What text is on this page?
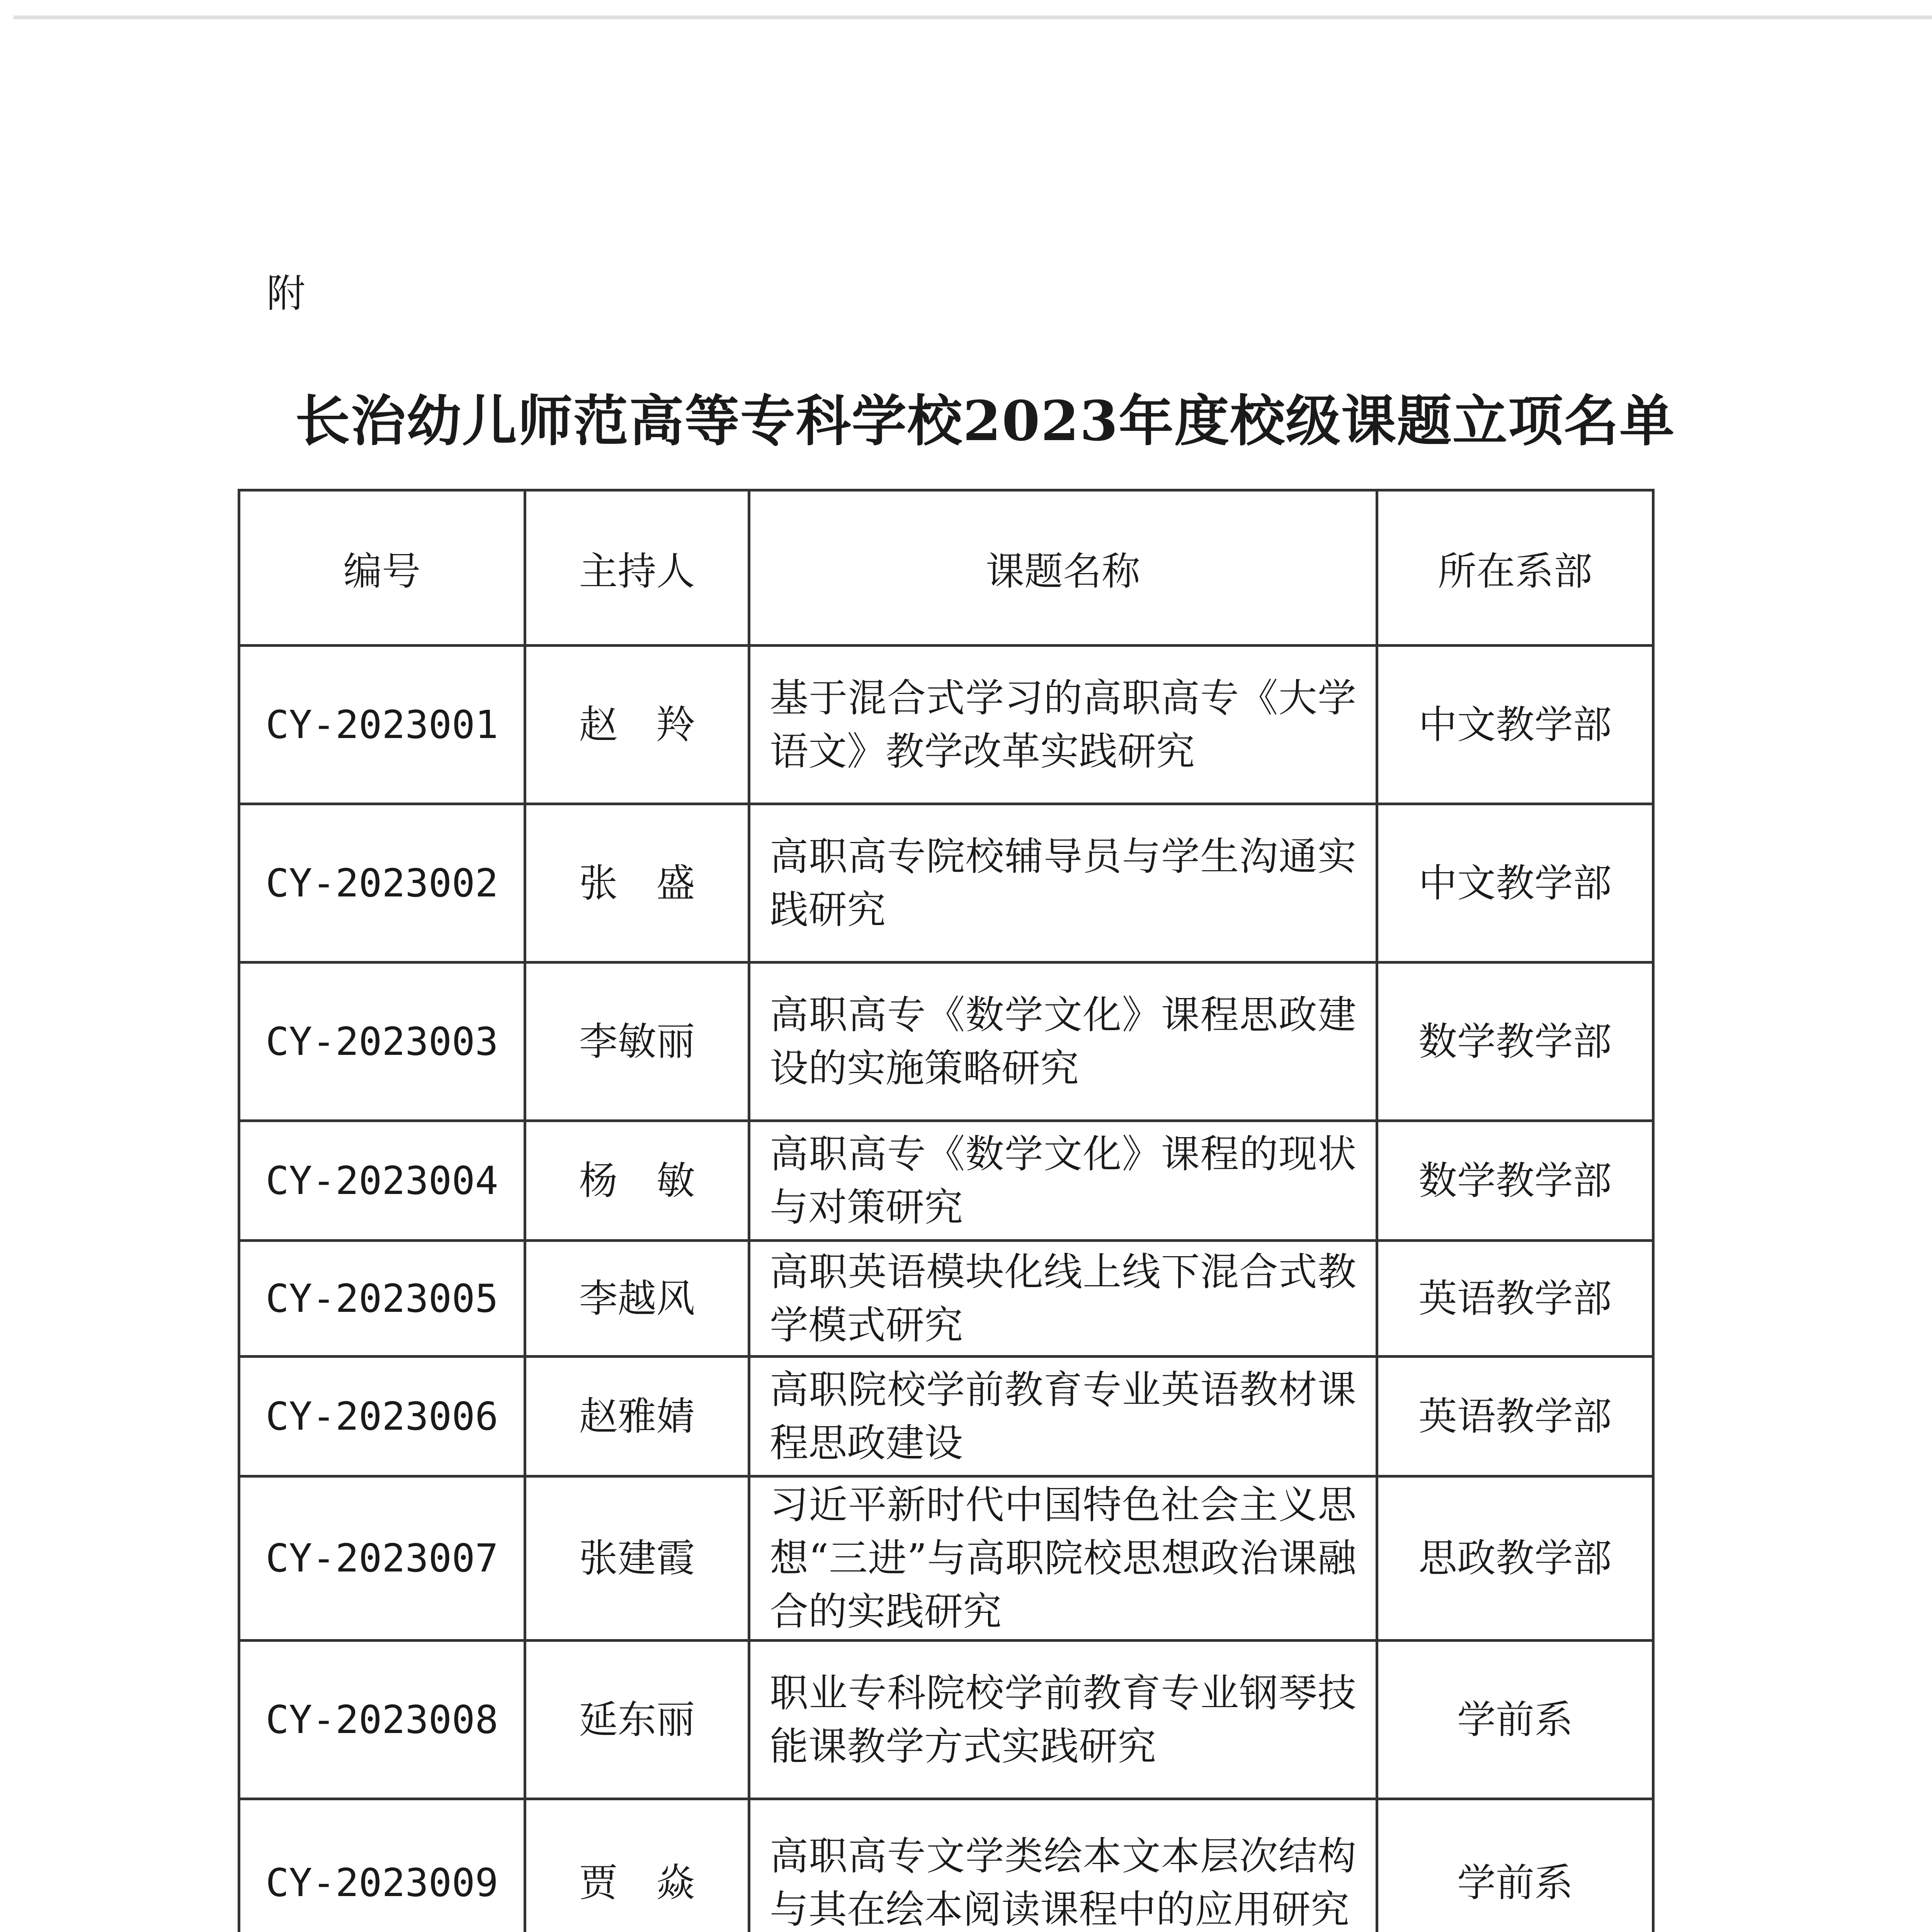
附
长治幼儿师范高等专科学校2023年度校级课题立项名单
编号	主持人	课题名称	所在系部
CY-2023001	赵　羚	基于混合式学习的高职高专《大学语文》教学改革实践研究	中文教学部
CY-2023002	张　盛	高职高专院校辅导员与学生沟通实践研究	中文教学部
CY-2023003	李敏丽	高职高专《数学文化》课程思政建设的实施策略研究	数学教学部
CY-2023004	杨　敏	高职高专《数学文化》课程的现状与对策研究	数学教学部
CY-2023005	李越风	高职英语模块化线上线下混合式教学模式研究	英语教学部
CY-2023006	赵雅婧	高职院校学前教育专业英语教材课程思政建设	英语教学部
CY-2023007	张建霞	习近平新时代中国特色社会主义思想“三进”与高职院校思想政治课融合的实践研究	思政教学部
CY-2023008	延东丽	职业专科院校学前教育专业钢琴技能课教学方式实践研究	学前系
CY-2023009	贾　焱	高职高专文学类绘本文本层次结构与其在绘本阅读课程中的应用研究	学前系
